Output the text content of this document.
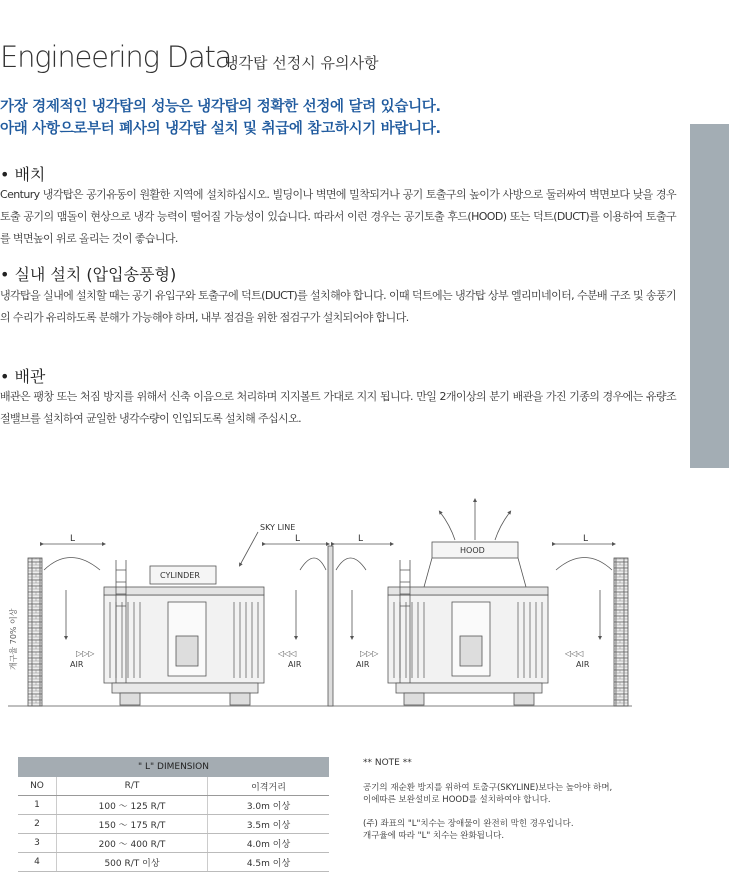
Engineering Data
냉각탑 선정시 유의사항
가장 경제적인 냉각탑의 성능은 냉각탑의 정확한 선정에 달려 있습니다.
아래 사항으로부터 폐사의 냉각탑 설치 및 취급에 참고하시기 바랍니다.
• 배치
Century 냉각탑은 공기유동이 원활한 지역에 설치하십시오. 빌딩이나 벽면에 밀착되거나 공기 토출구의 높이가 사방으로 둘러싸여 벽면보다 낮을 경우 토출 공기의 맴돌이 현상으로 냉각 능력이 떨어질 가능성이 있습니다. 따라서 이런 경우는 공기토출 후드(HOOD) 또는 덕트(DUCT)를 이용하여 토출구를 벽면높이 위로 올리는 것이 좋습니다.
• 실내 설치 (압입송풍형)
냉각탑을 실내에 설치할 때는 공기 유입구와 토출구에 덕트(DUCT)를 설치해야 합니다. 이때 덕트에는 냉각탑 상부 엘리미네이터, 수분배 구조 및 송풍기의 수리가 유리하도록 분해가 가능해야 하며, 내부 점검을 위한 점검구가 설치되어야 합니다.
• 배관
배관은 팽창 또는 처짐 방지를 위해서 신축 이음으로 처리하며 지지볼트 가대로 지지 됩니다. 만일 2개이상의 분기 배관을 가진 기종의 경우에는 유량조절밸브를 설치하여 균일한 냉각수량이 인입되도록 설치해 주십시오.
개구율 70% 이상
L	L	L	L
SKY LINE
CYLINDER
HOOD
▷▷▷
AIR
◁◁◁
AIR
▷▷▷
AIR
◁◁◁
AIR
" L" DIMENSION		
NO	R/T	이격거리
1	100 ～ 125 R/T	3.0m 이상
2	150 ～ 175 R/T	3.5m 이상
3	200 ～ 400 R/T	4.0m 이상
4	500 R/T 이상	4.5m 이상
** NOTE **
공기의 재순환 방지를 위하여 토출구(SKYLINE)보다는 높아야 하며,
이에따른 보완설비로 HOOD를 설치하여야 합니다.
(주) 좌표의 "L"치수는 장애물이 완전히 막힌 경우입니다.
개구율에 따라 "L" 치수는 완화됩니다.
